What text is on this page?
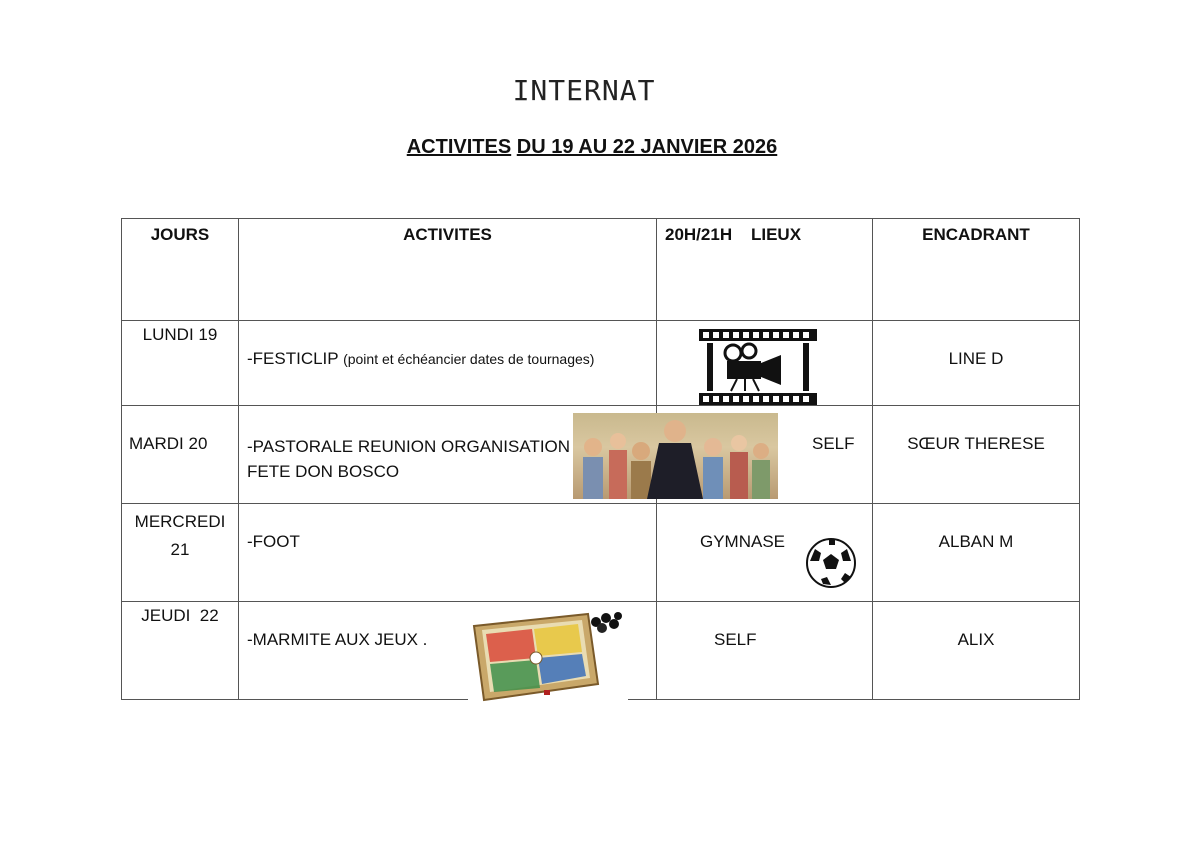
INTERNAT
ACTIVITES DU 19 AU 22 JANVIER 2026
JOURS	ACTIVITES	20H/21H    LIEUX	ENCADRANT

LUNDI 19	-FESTICLIP (point et échéancier dates de tournages)		LINE D

MARDI 20	-PASTORALE REUNION ORGANISATION
FETE DON BOSCO	SELF	SŒUR THERESE

MERCREDI
21	-FOOT	GYMNASE	ALBAN M

JEUDI  22	-MARMITE AUX JEUX .	SELF	ALIX
